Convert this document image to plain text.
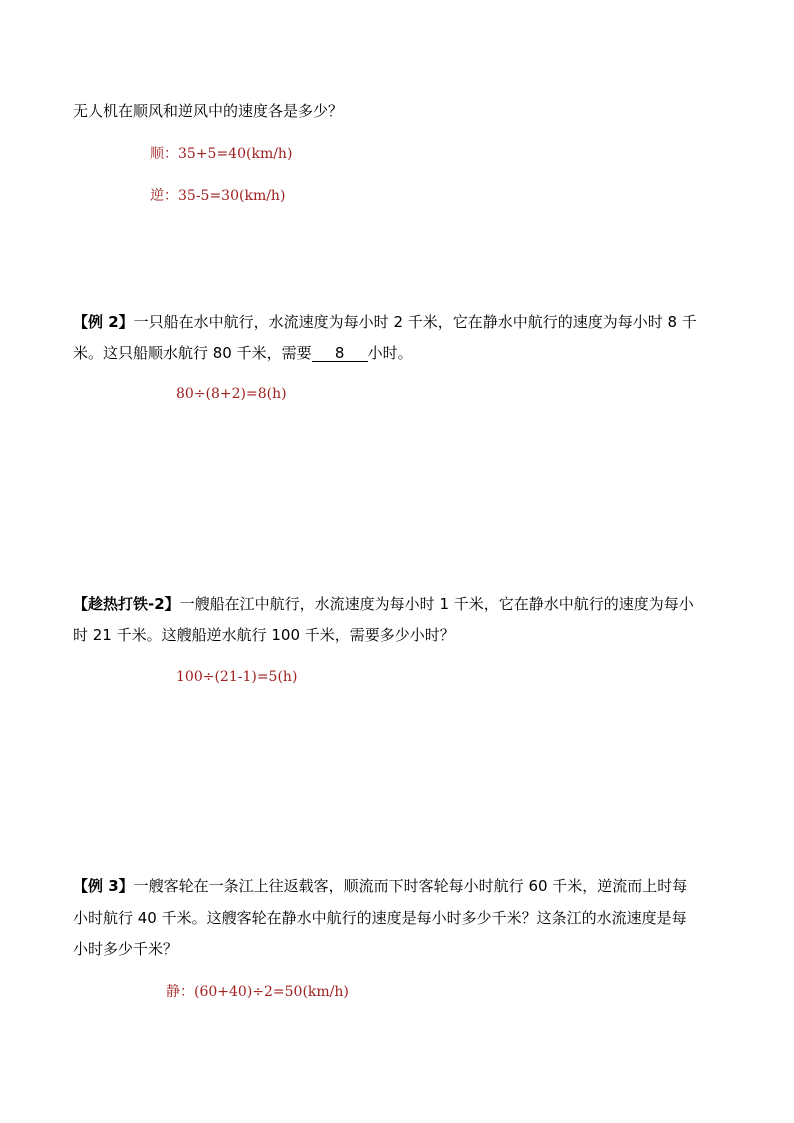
无人机在顺风和逆风中的速度各是多少？
顺：35+5=40(km/h)
逆：35-5=30(km/h)
【例 2】一只船在水中航行，水流速度为每小时 2 千米，它在静水中航行的速度为每小时 8 千
米。这只船顺水航行 80 千米，需要 8 小时。
80÷(8+2)=8(h)
【趁热打铁-2】一艘船在江中航行，水流速度为每小时 1 千米，它在静水中航行的速度为每小
时 21 千米。这艘船逆水航行 100 千米，需要多少小时？
100÷(21-1)=5(h)
【例 3】一艘客轮在一条江上往返载客，顺流而下时客轮每小时航行 60 千米，逆流而上时每
小时航行 40 千米。这艘客轮在静水中航行的速度是每小时多少千米？这条江的水流速度是每
小时多少千米？
静：(60+40)÷2=50(km/h)
